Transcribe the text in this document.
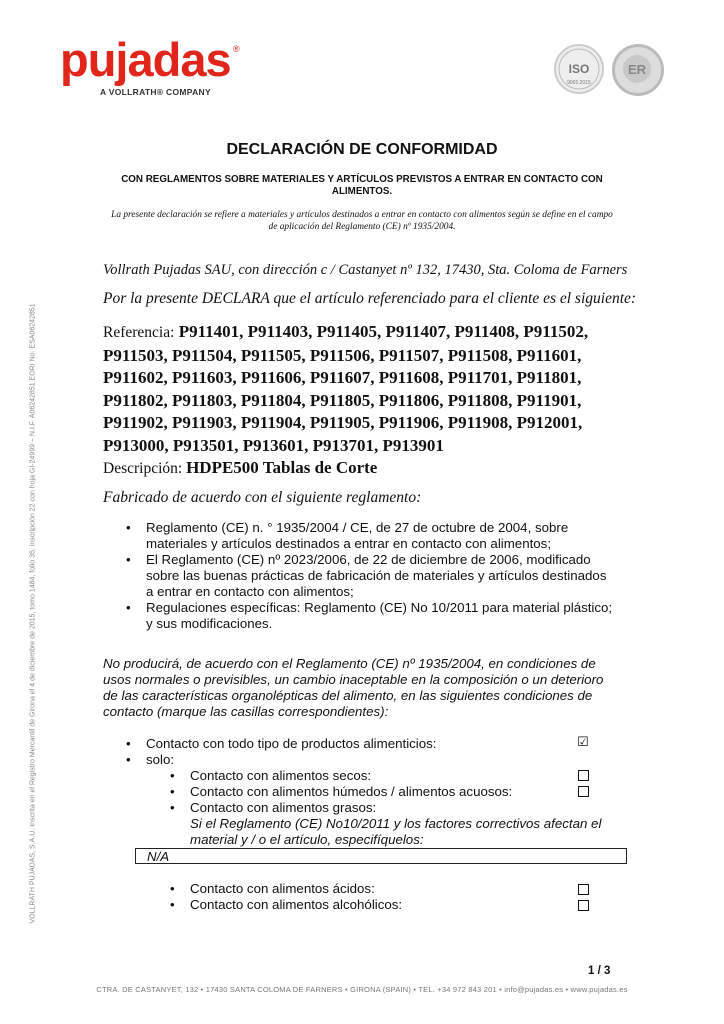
pujadas ®
A VOLLRATH® COMPANY
ISO
9001:2015
ER
DECLARACIÓN DE CONFORMIDAD
CON REGLAMENTOS SOBRE MATERIALES Y ARTÍCULOS PREVISTOS A ENTRAR EN CONTACTO CON ALIMENTOS.
La presente declaración se refiere a materiales y artículos destinados a entrar en contacto con alimentos según se define en el campo de aplicación del Reglamento (CE) nº 1935/2004.
Vollrath Pujadas SAU, con dirección c / Castanyet nº 132, 17430, Sta. Coloma de Farners
Por la presente DECLARA que el artículo referenciado para el cliente es el siguiente:
Referencia: P911401, P911403, P911405, P911407, P911408, P911502,
P911503, P911504, P911505, P911506, P911507, P911508, P911601,
P911602, P911603, P911606, P911607, P911608, P911701, P911801,
P911802, P911803, P911804, P911805, P911806, P911808, P911901,
P911902, P911903, P911904, P911905, P911906, P911908, P912001,
P913000, P913501, P913601, P913701, P913901
Descripción: HDPE500 Tablas de Corte
Fabricado de acuerdo con el siguiente reglamento:
• Reglamento (CE) n. ° 1935/2004 / CE, de 27 de octubre de 2004, sobre materiales y artículos destinados a entrar en contacto con alimentos;
• El Reglamento (CE) nº 2023/2006, de 22 de diciembre de 2006, modificado sobre las buenas prácticas de fabricación de materiales y artículos destinados a entrar en contacto con alimentos;
• Regulaciones específicas: Reglamento (CE) No 10/2011 para material plástico; y sus modificaciones.
No producirá, de acuerdo con el Reglamento (CE) nº 1935/2004, en condiciones de usos normales o previsibles, un cambio inaceptable en la composición o un deterioro de las características organolépticas del alimento, en las siguientes condiciones de contacto (marque las casillas correspondientes):
• Contacto con todo tipo de productos alimenticios:
• solo:
☑
• Contacto con alimentos secos:
• Contacto con alimentos húmedos / alimentos acuosos:
• Contacto con alimentos grasos:
Si el Reglamento (CE) No10/2011 y los factores correctivos afectan el material y / o el artículo, especifíquelos:
N/A
• Contacto con alimentos ácidos:
• Contacto con alimentos alcohólicos:
VOLLRATH PUJADAS, S.A.U. Inscrita en el Registro Mercantil de Girona el 4 de diciembre de 2015, tomo 1484, folio 35, inscripción 22 con hoja GI-24999 – N.I.F. A06242851 EORI No. ESA06242851
1 / 3
CTRA. DE CASTANYET, 132 • 17430 SANTA COLOMA DE FARNERS • GIRONA (SPAIN) • TEL. +34 972 843 201 • info@pujadas.es • www.pujadas.es
